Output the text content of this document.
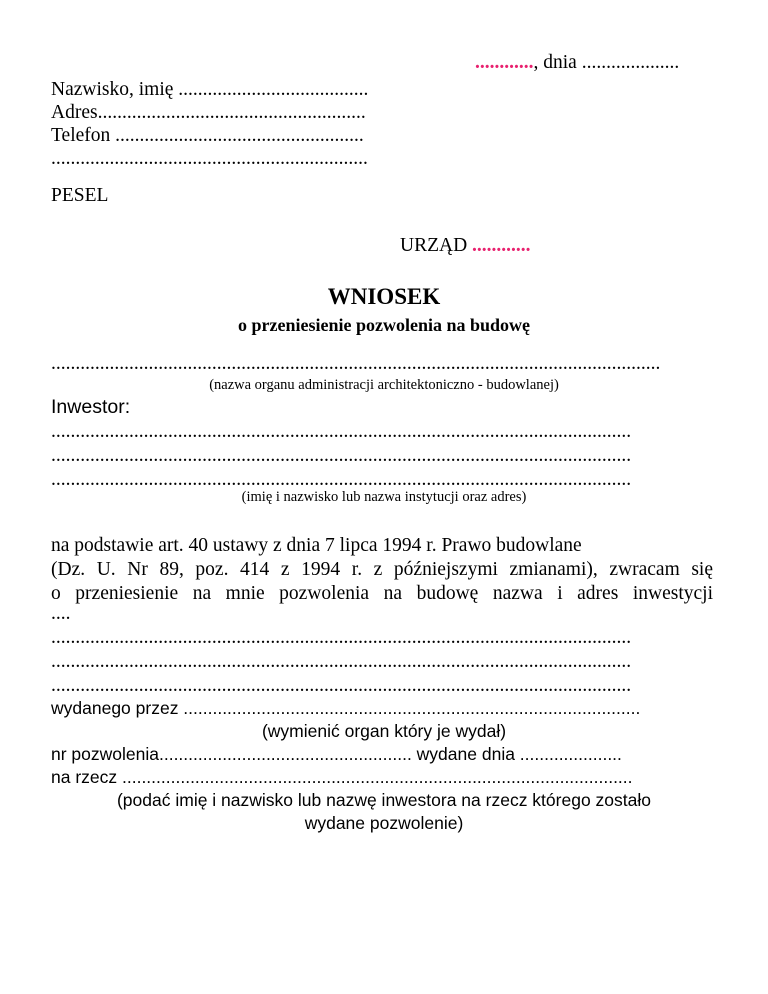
............, dnia ....................
Nazwisko, imię .......................................
Adres.......................................................
Telefon ...................................................
.................................................................
PESEL
URZĄD ............
WNIOSEK
o przeniesienie pozwolenia na budowę
.............................................................................................................................
(nazwa organu administracji architektoniczno - budowlanej)
Inwestor:
.......................................................................................................................
.......................................................................................................................
.......................................................................................................................
(imię i nazwisko lub nazwa instytucji oraz adres)
na podstawie art. 40 ustawy z dnia 7 lipca 1994 r. Prawo budowlane
(Dz. U. Nr 89, poz. 414 z 1994 r. z późniejszymi zmianami), zwracam się
o przeniesienie na mnie pozwolenia na budowę nazwa i adres inwestycji
....
.......................................................................................................................
.......................................................................................................................
.......................................................................................................................
wydanego przez ..............................................................................................
(wymienić organ który je wydał)
nr pozwolenia.................................................... wydane dnia .....................
na rzecz .........................................................................................................
(podać imię i nazwisko lub nazwę inwestora na rzecz którego zostało
wydane pozwolenie)
